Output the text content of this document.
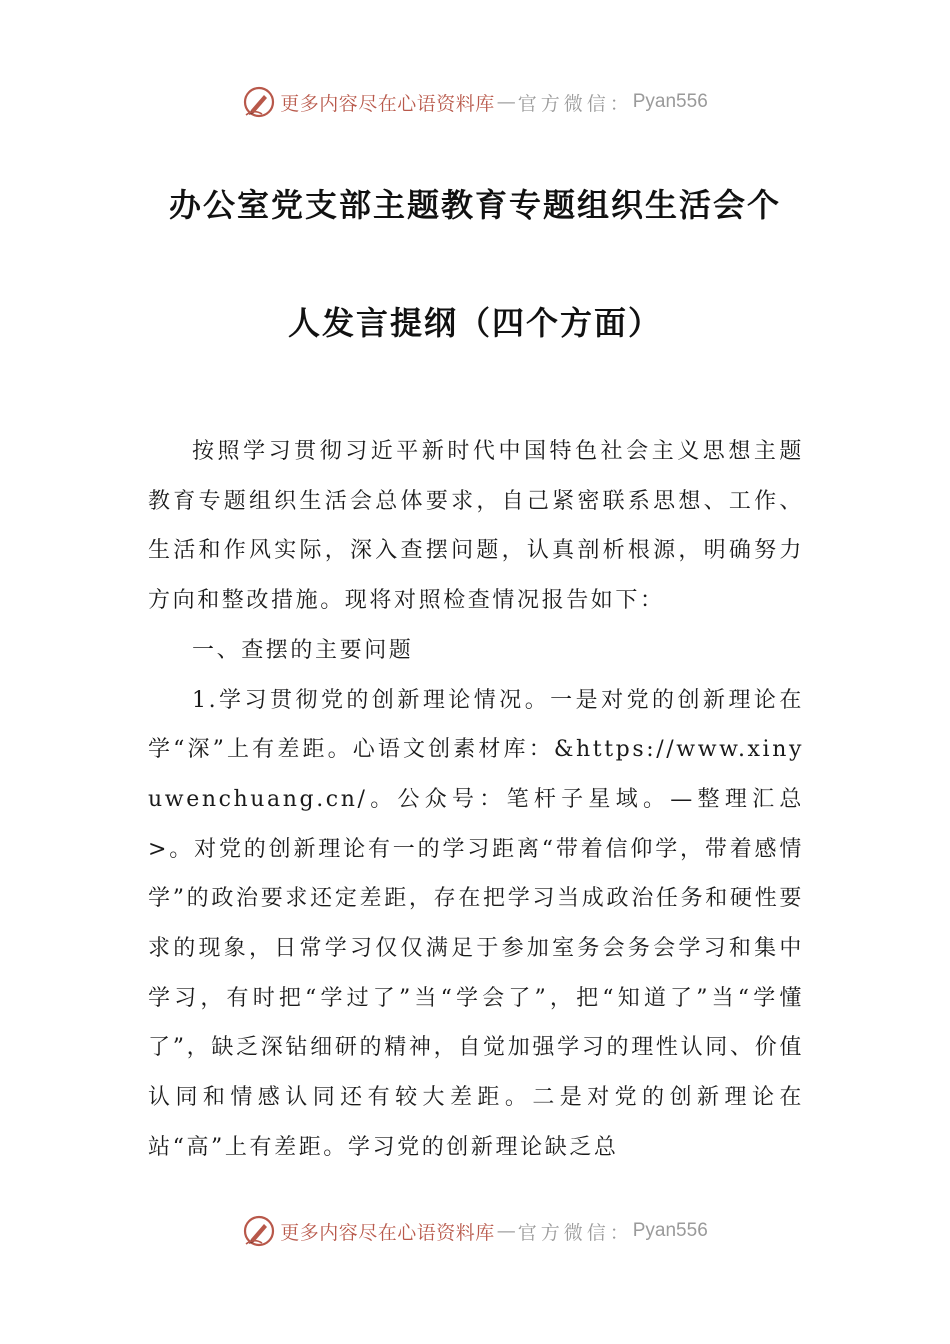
更多内容尽在心语资料库 — 官方微信： Pyan556
办公室党支部主题教育专题组织生活会个
人发言提纲（四个方面）

按照学习贯彻习近平新时代中国特色社会主义思想主题教育专题组织生活会总体要求，自己紧密联系思想、工作、生活和作风实际，深入查摆问题，认真剖析根源，明确努力方向和整改措施。现将对照检查情况报告如下：

一、查摆的主要问题

1.学习贯彻党的创新理论情况。一是对党的创新理论在学“深”上有差距。心语文创素材库：&https://www.xinyuwenchuang.cn/。公众号：笔杆子星域。—整理汇总>。对党的创新理论有一的学习距离“带着信仰学，带着感情学”的政治要求还定差距，存在把学习当成政治任务和硬性要求的现象，日常学习仅仅满足于参加室务会务会学习和集中学习，有时把“学过了”当“学会了”，把“知道了”当“学懂了”，缺乏深钻细研的精神，自觉加强学习的理性认同、价值认同和情感认同还有较大差距。二是对党的创新理论在站“高”上有差距。学习党的创新理论缺乏总

更多内容尽在心语资料库 — 官方微信： Pyan556
